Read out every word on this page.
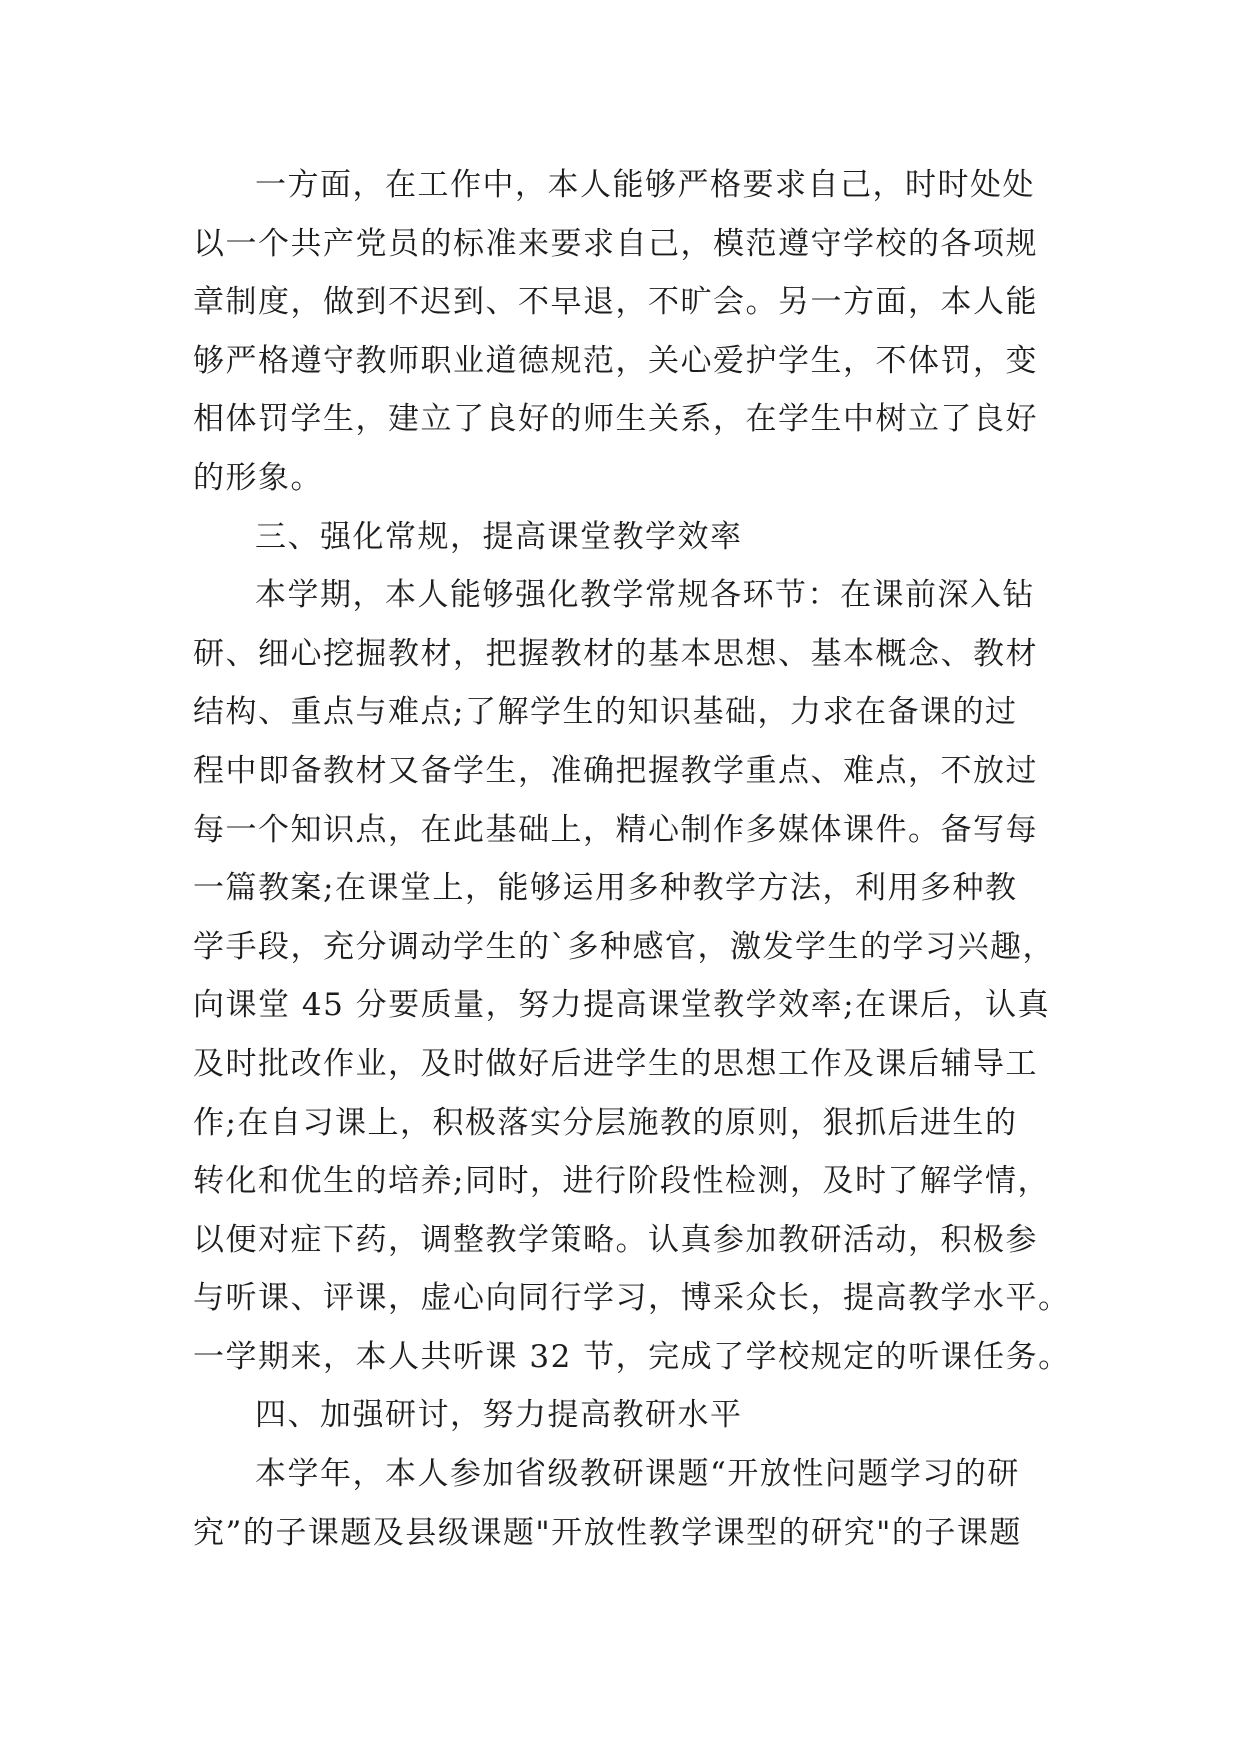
一方面，在工作中，本人能够严格要求自己，时时处处
以一个共产党员的标准来要求自己，模范遵守学校的各项规
章制度，做到不迟到、不早退，不旷会。另一方面，本人能
够严格遵守教师职业道德规范，关心爱护学生，不体罚，变
相体罚学生，建立了良好的师生关系，在学生中树立了良好
的形象。
三、强化常规，提高课堂教学效率
本学期，本人能够强化教学常规各环节：在课前深入钻
研、细心挖掘教材，把握教材的基本思想、基本概念、教材
结构、重点与难点;了解学生的知识基础，力求在备课的过
程中即备教材又备学生，准确把握教学重点、难点，不放过
每一个知识点，在此基础上，精心制作多媒体课件。备写每
一篇教案;在课堂上，能够运用多种教学方法，利用多种教
学手段，充分调动学生的`多种感官，激发学生的学习兴趣，
向课堂 45 分要质量，努力提高课堂教学效率;在课后，认真
及时批改作业，及时做好后进学生的思想工作及课后辅导工
作;在自习课上，积极落实分层施教的原则，狠抓后进生的
转化和优生的培养;同时，进行阶段性检测，及时了解学情，
以便对症下药，调整教学策略。认真参加教研活动，积极参
与听课、评课，虚心向同行学习，博采众长，提高教学水平。
一学期来，本人共听课 32 节，完成了学校规定的听课任务。
四、加强研讨，努力提高教研水平
本学年，本人参加省级教研课题“开放性问题学习的研
究”的子课题及县级课题"开放性教学课型的研究"的子课题
